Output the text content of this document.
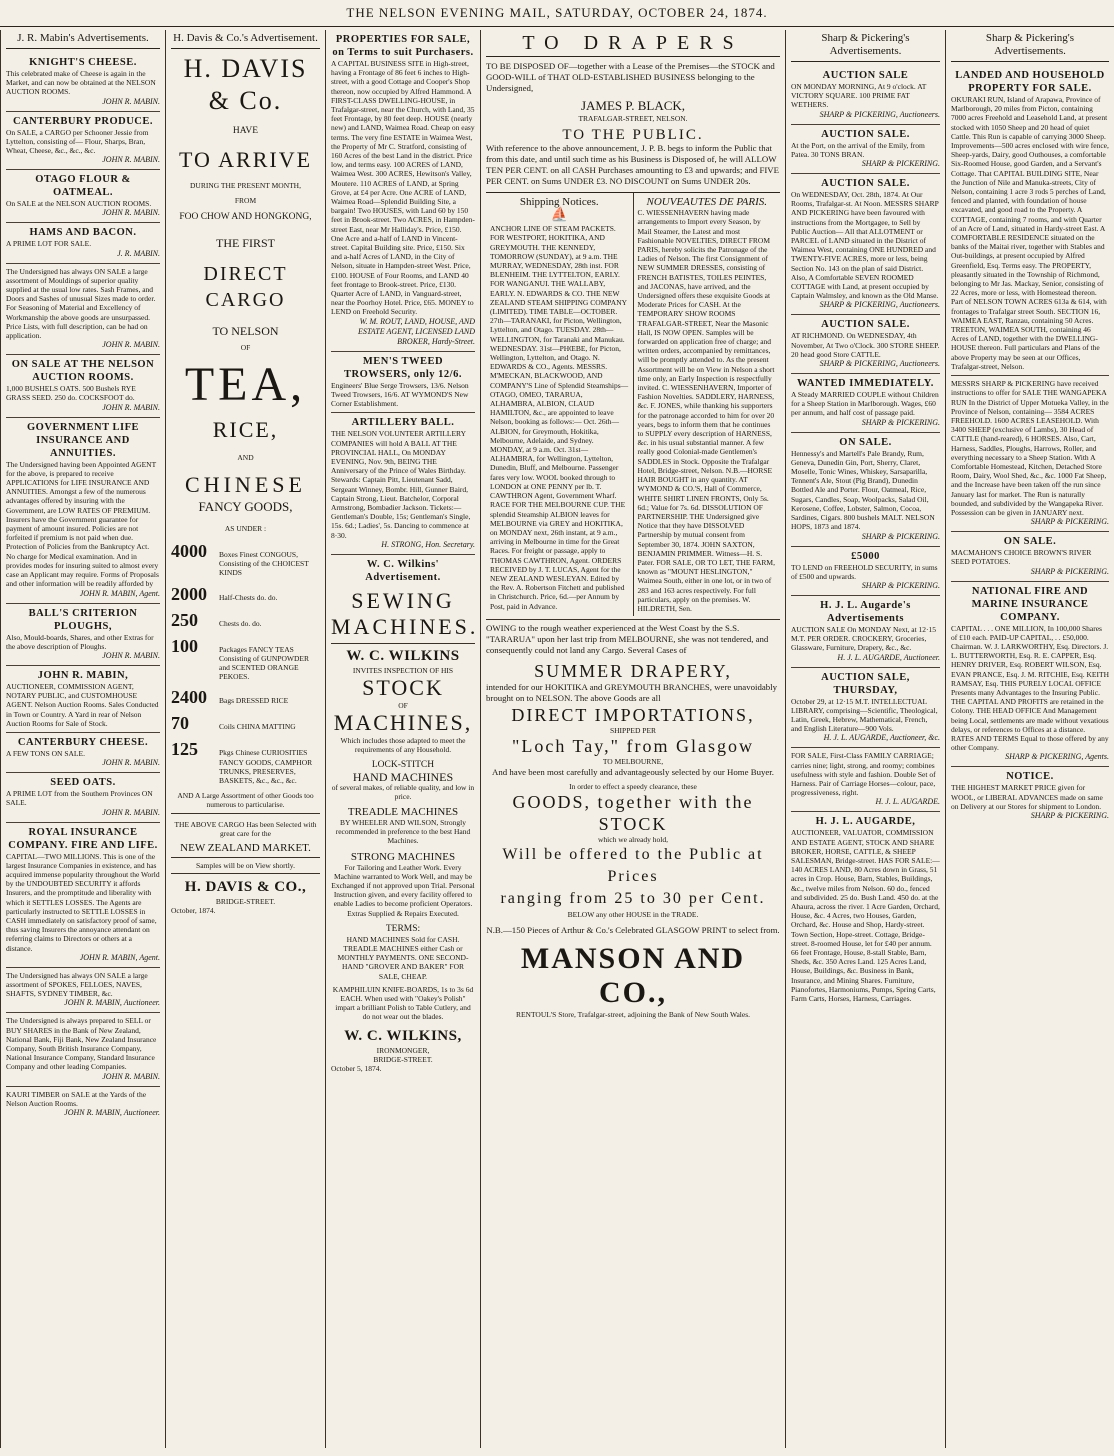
THE NELSON EVENING MAIL, SATURDAY, OCTOBER 24, 1874.
J. R. Mabin's Advertisements.
KNIGHT'S CHEESE.
This celebrated make of Cheese is again in the Market, and can now be obtained at the NELSON AUCTION ROOMS.
JOHN R. MABIN.
CANTERBURY PRODUCE.
On SALE, a CARGO per Schooner Jessie from Lyttelton, consisting of— Flour, Sharps, Bran, Wheat, Cheese, &c., &c., &c.
JOHN R. MABIN.
OTAGO FLOUR & OATMEAL.
On SALE at the NELSON AUCTION ROOMS.
JOHN R. MABIN.
HAMS AND BACON.
A PRIME LOT FOR SALE.
J. R. MABIN.
The Undersigned has always ON SALE a large assortment of Mouldings of superior quality supplied at the usual low rates. Sash Frames, and Doors and Sashes of unusual Sizes made to order. For Seasoning of Material and Excellency of Workmanship the above goods are unsurpassed. Price Lists, with full description, can be had on application.
JOHN R. MABIN.
ON SALE AT THE NELSON AUCTION ROOMS.
1,000 BUSHELS OATS. 500 Bushels RYE GRASS SEED. 250 do. COCKSFOOT do.
JOHN R. MABIN.
GOVERNMENT LIFE INSURANCE AND ANNUITIES.
The Undersigned having been Appointed AGENT for the above, is prepared to receive APPLICATIONS for LIFE INSURANCE AND ANNUITIES. Amongst a few of the numerous advantages offered by insuring with the Government, are LOW RATES OF PREMIUM. Insurers have the Government guarantee for payment of amount insured. Policies are not forfeited if premium is not paid when due. Protection of Policies from the Bankruptcy Act. No charge for Medical examination. And in provides modes for insuring suited to almost every case an Applicant may require. Forms of Proposals and other information will be readily afforded by
JOHN R. MABIN, Agent.
BALL'S CRITERION PLOUGHS,
Also, Mould-boards, Shares, and other Extras for the above description of Ploughs.
JOHN R. MABIN.
JOHN R. MABIN,
AUCTIONEER, COMMISSION AGENT, NOTARY PUBLIC, and CUSTOMHOUSE AGENT. Nelson Auction Rooms. Sales Conducted in Town or Country. A Yard in rear of Nelson Auction Rooms for Sale of Stock.
CANTERBURY CHEESE.
A FEW TONS ON SALE.
JOHN R. MABIN.
SEED OATS.
A PRIME LOT from the Southern Provinces ON SALE.
JOHN R. MABIN.
ROYAL INSURANCE COMPANY. FIRE AND LIFE.
CAPITAL—TWO MILLIONS. This is one of the largest Insurance Companies in existence, and has acquired immense popularity throughout the World by the UNDOUBTED SECURITY it affords Insurers, and the promptitude and liberality with which it SETTLES LOSSES. The Agents are particularly instructed to SETTLE LOSSES in CASH immediately on satisfactory proof of same, thus saving Insurers the annoyance attendant on referring claims to Directors or others at a distance.
JOHN R. MABIN, Agent.
The Undersigned has always ON SALE a large assortment of SPOKES, FELLOES, NAVES, SHAFTS, SYDNEY TIMBER, &c.
JOHN R. MABIN, Auctioneer.
The Undersigned is always prepared to SELL or BUY SHARES in the Bank of New Zealand, National Bank, Fiji Bank, New Zealand Insurance Company, South British Insurance Company, National Insurance Company, Standard Insurance Company and other leading Companies.
JOHN R. MABIN.
KAURI TIMBER on SALE at the Yards of the Nelson Auction Rooms.
JOHN R. MABIN, Auctioneer.
H. Davis & Co.'s Advertisement.
H. DAVIS & Co.
HAVE
TO ARRIVE
DURING THE PRESENT MONTH,
FROM
FOO CHOW AND HONGKONG,
THE FIRST
DIRECT CARGO
TO NELSON
OF
TEA,
RICE,
AND
CHINESE
FANCY GOODS,
AS UNDER :
4000	Boxes Finest CONGOUS, Consisting of the CHOICEST KINDS
2000	Half-Chests do. do.
250	Chests do. do.
100	Packages FANCY TEAS Consisting of GUNPOWDER and SCENTED ORANGE PEKOES.
2400	Bags DRESSED RICE
70	Coils CHINA MATTING
125	Pkgs Chinese CURIOSITIES FANCY GOODS, CAMPHOR TRUNKS, PRESERVES, BASKETS, &c., &c., &c.
AND A Large Assortment of other Goods too numerous to particularise.
THE ABOVE CARGO Has been Selected with great care for the
NEW ZEALAND MARKET.
Samples will be on View shortly.
H. DAVIS & CO.,
BRIDGE-STREET.
October, 1874.
PROPERTIES FOR SALE, on Terms to suit Purchasers.
A CAPITAL BUSINESS SITE in High-street, having a Frontage of 86 feet 6 inches to High-street, with a good Cottage and Cooper's Shop thereon, now occupied by Alfred Hammond. A FIRST-CLASS DWELLING-HOUSE, in Trafalgar-street, near the Church, with Land, 35 feet Frontage, by 80 feet deep. HOUSE (nearly new) and LAND, Waimea Road. Cheap on easy terms. The very fine ESTATE in Waimea West, the Property of Mr C. Stratford, consisting of 160 Acres of the best Land in the district. Price low, and terms easy. 100 ACRES of LAND, Waimea West. 300 ACRES, Hewitson's Valley, Moutere. 110 ACRES of LAND, at Spring Grove, at £4 per Acre. One ACRE of LAND, Waimea Road—Splendid Building Site, a bargain! Two HOUSES, with Land 60 by 150 feet in Brook-street. Two ACRES, in Hampden-street East, near Mr Halliday's. Price, £150. One Acre and a-half of LAND in Vincent-street. Capital Building site. Price, £150. Six and a-half Acres of LAND, in the City of Nelson, situate in Hampden-street West. Price, £100. HOUSE of Four Rooms, and LAND 40 feet frontage to Brook-street. Price, £130. Quarter Acre of LAND, in Vanguard-street, near the Poorhoy Hotel. Price, £65. MONEY to LEND on Freehold Security.
W. M. ROUT, LAND, HOUSE, AND ESTATE AGENT, LICENSED LAND BROKER, Hardy-Street.
MEN'S TWEED TROWSERS, only 12/6.
Engineers' Blue Serge Trowsers, 13/6. Nelson Tweed Trowsers, 16/6. AT WYMOND'S New Corner Establishment.
ARTILLERY BALL.
THE NELSON VOLUNTEER ARTILLERY COMPANIES will hold A BALL AT THE PROVINCIAL HALL, On MONDAY EVENING, Nov. 9th, BEING THE Anniversary of the Prince of Wales Birthday. Stewards: Captain Pitt, Lieutenant Sadd, Sergeant Winney, Bombr. Hill, Gunner Baird, Captain Strong, Lieut. Batchelor, Corporal Armstrong, Bombadier Jackson. Tickets:—Gentleman's Double, 15s; Gentleman's Single, 15s. 6d.; Ladies', 5s. Dancing to commence at 8·30.
H. STRONG, Hon. Secretary.
W. C. Wilkins' Advertisement.
SEWING
MACHINES.
W. C. WILKINS
INVITES INSPECTION OF HIS
STOCK
OF
MACHINES,
Which includes those adapted to meet the requirements of any Household.
LOCK-STITCH
HAND MACHINES
of several makes, of reliable quality, and low in price.
TREADLE MACHINES
BY WHEELER AND WILSON, Strongly recommended in preference to the best Hand Machines.
STRONG MACHINES
For Tailoring and Leather Work. Every Machine warranted to Work Well, and may be Exchanged if not approved upon Trial. Personal Instruction given, and every facility offered to enable Ladies to become proficient Operators. Extras Supplied & Repairs Executed.
TERMS:
HAND MACHINES Sold for CASH. TREADLE MACHINES either Cash or MONTHLY PAYMENTS. ONE SECOND-HAND "GROVER AND BAKER" FOR SALE, CHEAP.
KAMPHILUIN KNIFE-BOARDS, 1s to 3s 6d EACH. When used with "Oakey's Polish" impart a brilliant Polish to Table Cutlery, and do not wear out the blades.
W. C. WILKINS,
IRONMONGER,
BRIDGE-STREET.
October 5, 1874.
TO DRAPERS
TO BE DISPOSED OF—together with a Lease of the Premises—the STOCK and GOOD-WILL of THAT OLD-ESTABLISHED BUSINESS belonging to the Undersigned,
JAMES P. BLACK,
TRAFALGAR-STREET, NELSON.
TO THE PUBLIC.
With reference to the above announcement, J. P. B. begs to inform the Public that from this date, and until such time as his Business is Disposed of, he will ALLOW TEN PER CENT. on all CASH Purchases amounting to £3 and upwards; and FIVE PER CENT. on Sums UNDER £3. NO DISCOUNT on Sums UNDER 20s.
Shipping Notices.
⛵
ANCHOR LINE OF STEAM PACKETS. FOR WESTPORT, HOKITIKA, AND GREYMOUTH. THE KENNEDY, TOMORROW (SUNDAY), at 9 a.m. THE MURRAY, WEDNESDAY, 28th inst. FOR BLENHEIM. THE LYTTELTON, EARLY. FOR WANGANUI. THE WALLABY, EARLY. N. EDWARDS & CO. THE NEW ZEALAND STEAM SHIPPING COMPANY (LIMITED). TIME TABLE—OCTOBER. 27th—TARANAKI, for Picton, Wellington, Lyttelton, and Otago. TUESDAY. 28th—WELLINGTON, for Taranaki and Manukau. WEDNESDAY. 31st—PHŒBE, for Picton, Wellington, Lyttelton, and Otago. N. EDWARDS & CO., Agents. MESSRS. M'MECKAN, BLACKWOOD, AND COMPANY'S Line of Splendid Steamships—OTAGO, OMEO, TARARUA, ALHAMBRA, ALBION, CLAUD HAMILTON, &c., are appointed to leave Nelson, booking as follows:— Oct. 26th—ALBION, for Greymouth, Hokitika, Melbourne, Adelaide, and Sydney. MONDAY, at 9 a.m. Oct. 31st—ALHAMBRA, for Wellington, Lyttelton, Dunedin, Bluff, and Melbourne. Passenger fares very low. WOOL booked through to LONDON at ONE PENNY per lb. T. CAWTHRON Agent, Government Wharf. RACE FOR THE MELBOURNE CUP. THE splendid Steamship ALBION leaves for MELBOURNE via GREY and HOKITIKA, on MONDAY next, 26th instant, at 9 a.m., arriving in Melbourne in time for the Great Races. For freight or passage, apply to THOMAS CAWTHRON, Agent. ORDERS RECEIVED by J. T. LUCAS, Agent for the NEW ZEALAND WESLEYAN. Edited by the Rev. A. Robertson Fitchett and published in Christchurch. Price, 6d.—per Annum by Post, paid in Advance.
NOUVEAUTES DE PARIS.
C. WIESSENHAVERN having made arrangements to Import every Season, by Mail Steamer, the Latest and most Fashionable NOVELTIES, DIRECT FROM PARIS, hereby solicits the Patronage of the Ladies of Nelson. The first Consignment of NEW SUMMER DRESSES, consisting of FRENCH BATISTES, TOILES PEINTES, and JACONAS, have arrived, and the Undersigned offers these exquisite Goods at Moderate Prices for CASH. At the TEMPORARY SHOW ROOMS TRAFALGAR-STREET, Near the Masonic Hall, IS NOW OPEN. Samples will be forwarded on application free of charge; and written orders, accompanied by remittances, will be promptly attended to. As the present Assortment will be on View in Nelson a short time only, an Early Inspection is respectfully invited. C. WIESSENHAVERN, Importer of Fashion Novelties. SADDLERY, HARNESS, &c. F. JONES, while thanking his supporters for the patronage accorded to him for over 20 years, begs to inform them that he continues to SUPPLY every description of HARNESS, &c. in his usual substantial manner. A few really good Colonial-made Gentlemen's SADDLES in Stock. Opposite the Trafalgar Hotel, Bridge-street, Nelson. N.B.—HORSE HAIR BOUGHT in any quantity. AT WYMOND & CO.'S, Hall of Commerce, WHITE SHIRT LINEN FRONTS, Only 5s. 6d.; Value for 7s. 6d. DISSOLUTION OF PARTNERSHIP. THE Undersigned give Notice that they have DISSOLVED Partnership by mutual consent from September 30, 1874. JOHN SAXTON, BENJAMIN PRIMMER. Witness—H. S. Pater. FOR SALE, OR TO LET, THE FARM, known as "MOUNT HESLINGTON," Waimea South, either in one lot, or in two of 283 and 163 acres respectively. For full particulars, apply on the premises. W. HILDRETH, Sen.
OWING to the rough weather experienced at the West Coast by the S.S. "TARARUA" upon her last trip from MELBOURNE, she was not tendered, and consequently could not land any Cargo. Several Cases of
SUMMER DRAPERY,
intended for our HOKITIKA and GREYMOUTH BRANCHES, were unavoidably brought on to NELSON. The above Goods are all
DIRECT IMPORTATIONS,
SHIPPED PER
"Loch Tay," from Glasgow
TO MELBOURNE,
And have been most carefully and advantageously selected by our Home Buyer.
In order to effect a speedy clearance, these
GOODS, together with the STOCK
which we already hold,
Will be offered to the Public at Prices
ranging from 25 to 30 per Cent.
BELOW any other HOUSE in the TRADE.
N.B.—150 Pieces of Arthur & Co.'s Celebrated GLASGOW PRINT to select from.
MANSON AND CO.,
RENTOUL'S Store, Trafalgar-street, adjoining the Bank of New South Wales.
Sharp & Pickering's Advertisements.
AUCTION SALE
ON MONDAY MORNING, At 9 o'clock. AT VICTORY SQUARE. 100 PRIME FAT WETHERS.
SHARP & PICKERING, Auctioneers.
AUCTION SALE.
At the Port, on the arrival of the Emily, from Patea. 30 TONS BRAN.
SHARP & PICKERING.
AUCTION SALE.
On WEDNESDAY, Oct. 28th, 1874. At Our Rooms, Trafalgar-st. At Noon. MESSRS SHARP AND PICKERING have been favoured with instructions from the Mortgagee, to Sell by Public Auction— All that ALLOTMENT or PARCEL of LAND situated in the District of Waimea West, containing ONE HUNDRED and TWENTY-FIVE ACRES, more or less, being Section No. 143 on the plan of said District. Also, A Comfortable SEVEN ROOMED COTTAGE with Land, at present occupied by Captain Walmsley, and known as the Old Manse.
SHARP & PICKERING, Auctioneers.
AUCTION SALE.
AT RICHMOND. On WEDNESDAY, 4th November, At Two o'Clock. 300 STORE SHEEP. 20 head good Store CATTLE.
SHARP & PICKERING, Auctioneers.
WANTED IMMEDIATELY.
A Steady MARRIED COUPLE without Children for a Sheep Station in Marlborough. Wages, £60 per annum, and half cost of passage paid.
SHARP & PICKERING.
ON SALE.
Hennessy's and Martell's Pale Brandy, Rum, Geneva, Dunedin Gin, Port, Sherry, Claret, Moselle, Tonic Wines, Whiskey, Sarsaparilla, Tennent's Ale, Stout (Pig Brand), Dunedin Bottled Ale and Porter. Flour, Oatmeal, Rice, Sugars, Candles, Soap, Woolpacks, Salad Oil, Kerosene, Coffee, Lobster, Salmon, Cocoa, Sardines, Cigars. 800 bushels MALT. NELSON HOPS, 1873 and 1874.
SHARP & PICKERING.
£5000
TO LEND on FREEHOLD SECURITY, in sums of £500 and upwards.
SHARP & PICKERING.
H. J. L. Augarde's Advertisements
AUCTION SALE On MONDAY Next, at 12·15 M.T. PER ORDER. CROCKERY, Groceries, Glassware, Furniture, Drapery, &c., &c.
H. J. L. AUGARDE, Auctioneer.
AUCTION SALE, THURSDAY,
October 29, at 12·15 M.T. INTELLECTUAL LIBRARY, comprising—Scientific, Theological, Latin, Greek, Hebrew, Mathematical, French, and English Literature—900 Vols.
H. J. L. AUGARDE, Auctioneer, &c.
FOR SALE, First-Class FAMILY CARRIAGE; carries nine; light, strong, and roomy; combines usefulness with style and fashion. Double Set of Harness. Pair of Carriage Horses—colour, pace, progressiveness, right.
H. J. L. AUGARDE.
H. J. L. AUGARDE,
AUCTIONEER, VALUATOR, COMMISSION AND ESTATE AGENT, STOCK AND SHARE BROKER, HORSE, CATTLE, & SHEEP SALESMAN, Bridge-street. HAS FOR SALE:— 140 ACRES LAND, 80 Acres down in Grass, 51 acres in Crop. House, Barn, Stables, Buildings, &c., twelve miles from Nelson. 60 do., fenced and subdivided. 25 do. Bush Land. 450 do. at the Ahaura, across the river. 1 Acre Garden, Orchard, House, &c. 4 Acres, two Houses, Garden, Orchard, &c. House and Shop, Hardy-street. Town Section, Hope-street. Cottage, Bridge-street. 8-roomed House, let for £40 per annum. 66 feet Frontage, House, 8-stall Stable, Barn, Sheds, &c. 350 Acres Land. 125 Acres Land, House, Buildings, &c. Business in Bank, Insurance, and Mining Shares. Furniture, Pianofortes, Harmoniums, Pumps, Spring Carts, Farm Carts, Horses, Harness, Carriages.
Sharp & Pickering's Advertisements.
LANDED AND HOUSEHOLD PROPERTY FOR SALE.
OKURAKI RUN, Island of Arapawa, Province of Marlborough, 20 miles from Picton, containing 7000 acres Freehold and Leasehold Land, at present stocked with 1050 Sheep and 20 head of quiet Cattle. This Run is capable of carrying 3000 Sheep. Improvements—500 acres enclosed with wire fence, Sheep-yards, Dairy, good Outhouses, a comfortable Six-Roomed House, good Garden, and a Servant's Cottage. That CAPITAL BUILDING SITE, Near the Junction of Nile and Manuka-streets, City of Nelson, containing 1 acre 3 rods 5 perches of Land, fenced and planted, with foundation of house excavated, and good road to the Property. A COTTAGE, containing 7 rooms, and with Quarter of an Acre of Land, situated in Hardy-street East. A COMFORTABLE RESIDENCE situated on the banks of the Maitai river, together with Stables and Out-buildings, at present occupied by Alfred Greenfield, Esq. Terms easy. The PROPERTY, pleasantly situated in the Township of Richmond, belonging to Mr Jas. Mackay, Senior, consisting of 22 Acres, more or less, with Homestead thereon. Part of NELSON TOWN ACRES 613a & 614, with frontages to Trafalgar street South. SECTION 16, WAIMEA EAST, Ranzau, containing 50 Acres. TREETON, WAIMEA SOUTH, containing 46 Acres of LAND, together with the DWELLING-HOUSE thereon. Full particulars and Plans of the above Property may be seen at our Offices, Trafalgar-street, Nelson.
MESSRS SHARP & PICKERING have received instructions to offer for SALE THE WANGAPEKA RUN In the District of Upper Motueka Valley, in the Province of Nelson, containing— 3584 ACRES FREEHOLD. 1600 ACRES LEASEHOLD. With 3400 SHEEP (exclusive of Lambs), 30 Head of CATTLE (hand-reared), 6 HORSES. Also, Cart, Harness, Saddles, Ploughs, Harrows, Roller, and everything necessary to a Sheep Station. With A Comfortable Homestead, Kitchen, Detached Store Room, Dairy, Wool Shed, &c., &c. 1000 Fat Sheep, and the Increase have been taken off the run since January last for market. The Run is naturally bounded, and subdivided by the Wangapeka River. Possession can be given in JANUARY next.
SHARP & PICKERING.
ON SALE.
MACMAHON'S CHOICE BROWN'S RIVER SEED POTATOES.
SHARP & PICKERING.
NATIONAL FIRE AND MARINE INSURANCE COMPANY.
CAPITAL . . . ONE MILLION, In 100,000 Shares of £10 each. PAID-UP CAPITAL, . . £50,000. Chairman. W. J. LARKWORTHY, Esq. Directors. J. L. BUTTERWORTH, Esq. R. E. CAPPER, Esq. HENRY DRIVER, Esq. ROBERT WILSON, Esq. EVAN PRANCE, Esq. J. M. RITCHIE, Esq. KEITH RAMSAY, Esq. THIS PURELY LOCAL OFFICE Presents many Advantages to the Insuring Public. THE CAPITAL AND PROFITS are retained in the Colony. THE HEAD OFFICE And Management being Local, settlements are made without vexatious delays, or references to Offices at a distance. RATES AND TERMS Equal to those offered by any other Company.
SHARP & PICKERING, Agents.
NOTICE.
THE HIGHEST MARKET PRICE given for WOOL, or LIBERAL ADVANCES made on same on Delivery at our Stores for shipment to London.
SHARP & PICKERING.
